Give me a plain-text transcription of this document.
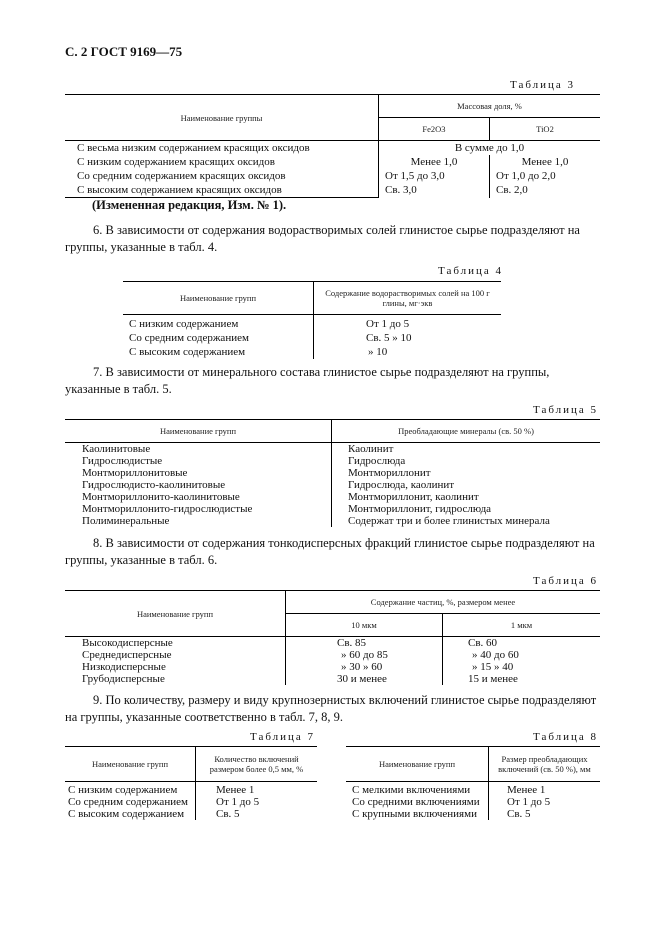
С. 2 ГОСТ 9169—75
Таблица 3
Наименование группы	Массовая доля, %	
	Fe2O3	TiO2
С весьма низким содержанием красящих оксидов	В сумме до 1,0	
С низким содержанием красящих оксидов	Менее 1,0	Менее 1,0
Со средним содержанием красящих оксидов	От 1,5 до 3,0	От 1,0 до 2,0
С высоким содержанием красящих оксидов	Св. 3,0	Св. 2,0
(Измененная редакция, Изм. № 1).
6. В зависимости от содержания водорастворимых солей глинистое сырье подразделяют на группы, указанные в табл. 4.
Таблица 4
Наименование групп	Содержание водорастворимых солей на 100 г глины, мг·экв
С низким содержанием	От 1 до 5
Со средним содержанием	Св. 5 » 10
С высоким содержанием	» 10
7. В зависимости от минерального состава глинистое сырье подразделяют на группы, указанные в табл. 5.
Таблица 5
Наименование групп	Преобладающие минералы (св. 50 %)
Каолинитовые	Каолинит
Гидрослюдистые	Гидрослюда
Монтмориллонитовые	Монтмориллонит
Гидрослюдисто-каолинитовые	Гидрослюда, каолинит
Монтмориллонито-каолинитовые	Монтмориллонит, каолинит
Монтмориллонито-гидрослюдистые	Монтмориллонит, гидрослюда
Полиминеральные	Содержат три и более глинистых минерала
8. В зависимости от содержания тонкодисперсных фракций глинистое сырье подразделяют на группы, указанные в табл. 6.
Таблица 6
Наименование групп	Содержание частиц, %, размером менее	
	10 мкм	1 мкм
Высокодисперсные	Св. 85	Св. 60
Среднедисперсные	» 60 до 85	» 40 до 60
Низкодисперсные	» 30 » 60	» 15 » 40
Грубодисперсные	30 и менее	15 и менее
9. По количеству, размеру и виду крупнозернистых включений глинистое сырье подразделяют на группы, указанные соответственно в табл. 7, 8, 9.
Таблица 7
Наименование групп	Количество включений размером более 0,5 мм, %
С низким содержанием	Менее 1
Со средним содержанием	От 1 до 5
С высоким содержанием	Св. 5
Таблица 8
Наименование групп	Размер преобладающих включений (св. 50 %), мм
С мелкими включениями	Менее 1
Со средними включениями	От 1 до 5
С крупными включениями	Св. 5
